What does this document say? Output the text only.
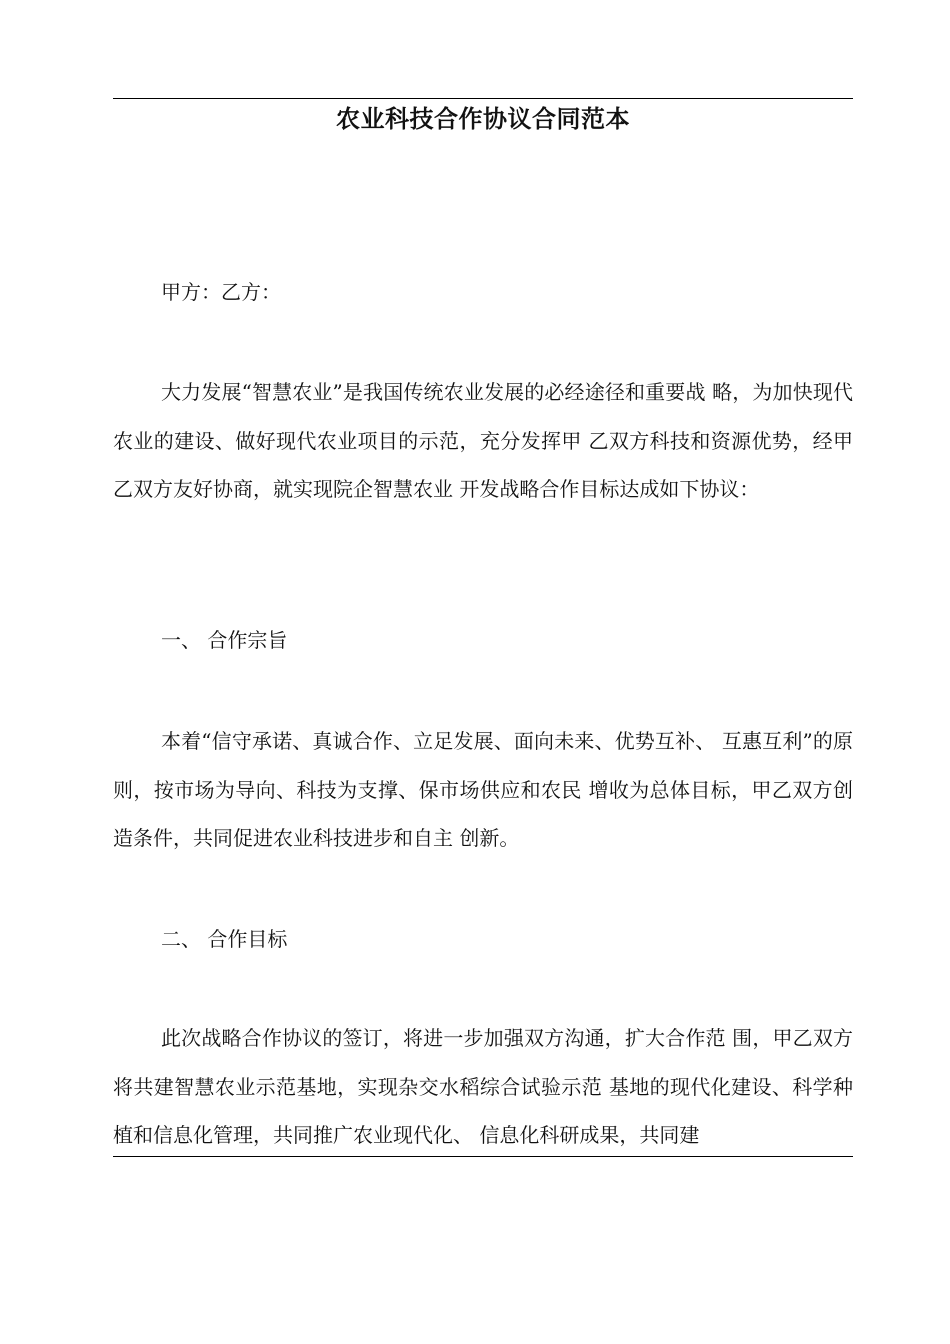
农业科技合作协议合同范本

甲方：乙方：

大力发展“智慧农业”是我国传统农业发展的必经途径和重要战 略，为加快现代农业的建设、做好现代农业项目的示范，充分发挥甲 乙双方科技和资源优势，经甲乙双方友好协商，就实现院企智慧农业 开发战略合作目标达成如下协议：

一、 合作宗旨

本着“信守承诺、真诚合作、立足发展、面向未来、优势互补、 互惠互利”的原则，按市场为导向、科技为支撑、保市场供应和农民 增收为总体目标，甲乙双方创造条件，共同促进农业科技进步和自主 创新。

二、 合作目标

此次战略合作协议的签订，将进一步加强双方沟通，扩大合作范 围，甲乙双方将共建智慧农业示范基地，实现杂交水稻综合试验示范 基地的现代化建设、科学种植和信息化管理，共同推广农业现代化、 信息化科研成果，共同建
